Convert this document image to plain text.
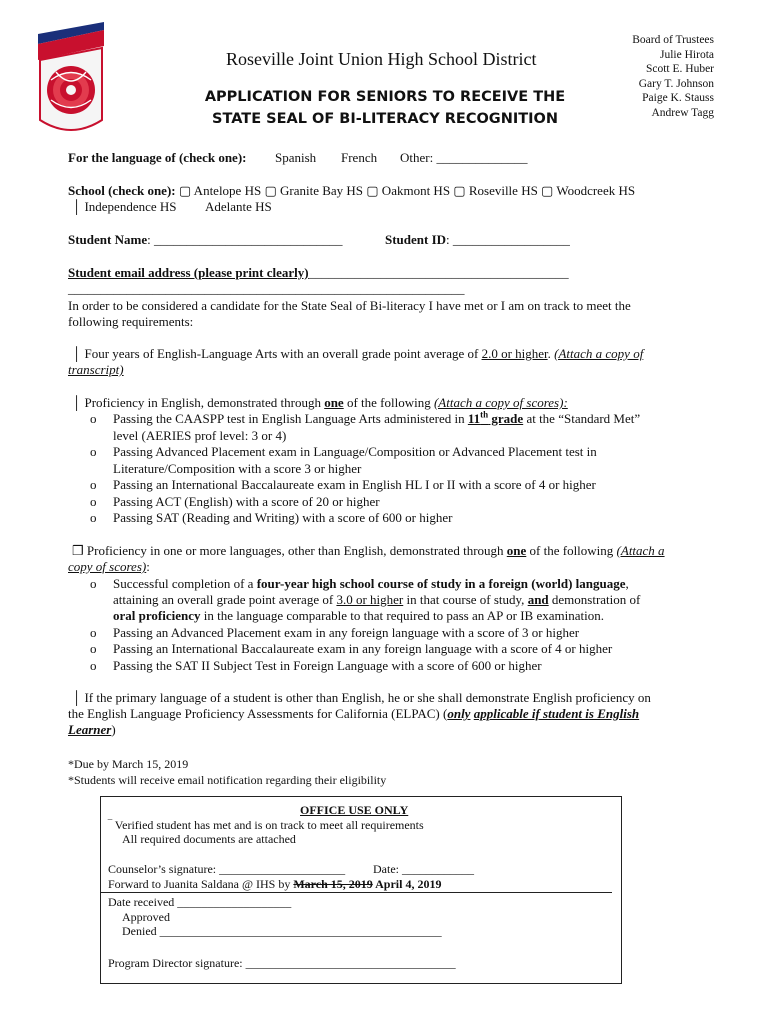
Roseville Joint Union High School District
APPLICATION FOR SENIORS TO RECEIVE THE
STATE SEAL OF BI-LITERACY RECOGNITION
Board of Trustees
Julie Hirota
Scott E. Huber
Gary T. Johnson
Paige K. Stauss
Andrew Tagg
For the language of (check one): Spanish French Other: ______________
School (check one): ▢ Antelope HS ▢ Granite Bay HS ▢ Oakmont HS ▢ Roseville HS ▢ Woodcreek HS
│ Independence HS Adelante HS
Student Name: _____________________________	Student ID: __________________
Student email address (please print clearly)________________________________________
_____________________________________________________________
In order to be considered a candidate for the State Seal of Bi-literacy I have met or I am on track to meet the
following requirements:
│ Four years of English-Language Arts with an overall grade point average of 2.0 or higher. (Attach a copy of
transcript)
│ Proficiency in English, demonstrated through one of the following (Attach a copy of scores):
o Passing the CAASPP test in English Language Arts administered in 11th grade at the “Standard Met”
level (AERIES prof level: 3 or 4)
o Passing Advanced Placement exam in Language/Composition or Advanced Placement test in
Literature/Composition with a score 3 or higher
o Passing an International Baccalaureate exam in English HL I or II with a score of 4 or higher
o Passing ACT (English) with a score of 20 or higher
o Passing SAT (Reading and Writing) with a score of 600 or higher
❒ Proficiency in one or more languages, other than English, demonstrated through one of the following (Attach a
copy of scores):
o Successful completion of a four-year high school course of study in a foreign (world) language,
attaining an overall grade point average of 3.0 or higher in that course of study, and demonstration of
oral proficiency in the language comparable to that required to pass an AP or IB examination.
o Passing an Advanced Placement exam in any foreign language with a score of 3 or higher
o Passing an International Baccalaureate exam in any foreign language with a score of 4 or higher
o Passing the SAT II Subject Test in Foreign Language with a score of 600 or higher
│ If the primary language of a student is other than English, he or she shall demonstrate English proficiency on
the English Language Proficiency Assessments for California (ELPAC) (only applicable if student is English
Learner)
*Due by March 15, 2019
*Students will receive email notification regarding their eligibility
OFFICE USE ONLY
‾ Verified student has met and is on track to meet all requirements
All required documents are attached
Counselor’s signature: _____________________ Date: ____________
Forward to Juanita Saldana @ IHS by March 15, 2019 April 4, 2019
Date received ___________________
Approved
Denied _______________________________________________
Program Director signature: ___________________________________
